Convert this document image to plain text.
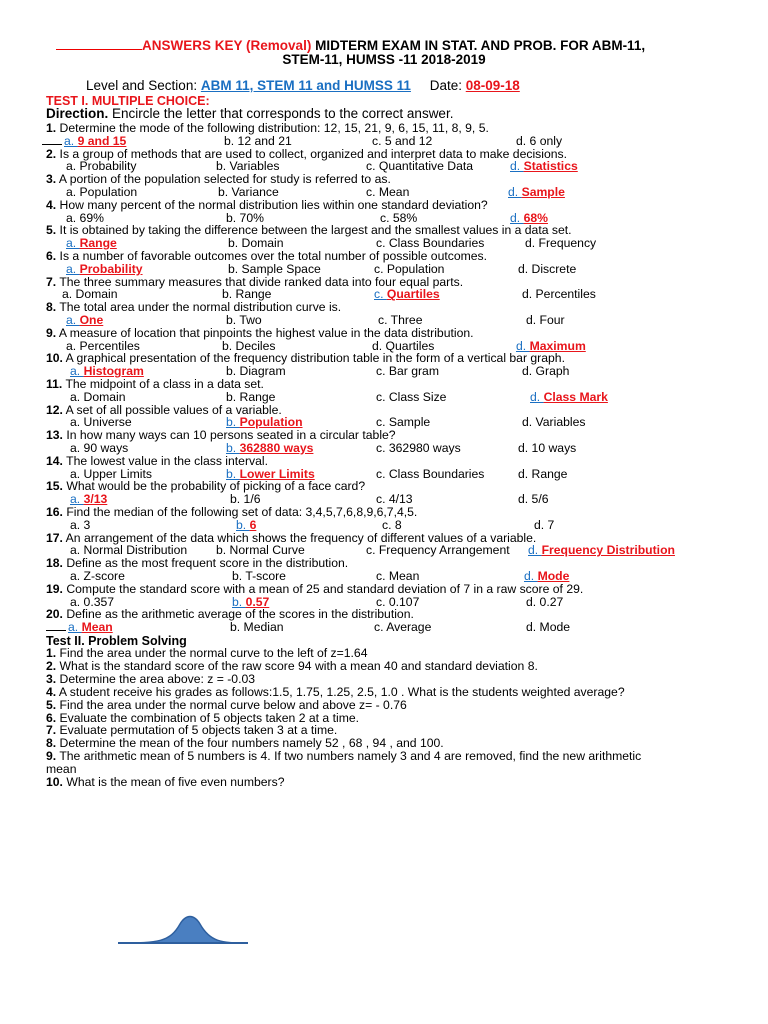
ANSWERS KEY (Removal) MIDTERM EXAM IN STAT. AND PROB. FOR ABM-11,
STEM-11, HUMSS -11 2018-2019
Level and Section: ABM 11, STEM 11 and HUMSS 11 Date: 08-09-18
TEST I. MULTIPLE CHOICE:
Direction. Encircle the letter that corresponds to the correct answer.
1. Determine the mode of the following distribution: 12, 15, 21, 9, 6, 15, 11, 8, 9, 5.
a. 9 and 15	b. 12 and 21	c. 5 and 12	d. 6 only
2. Is a group of methods that are used to collect, organized and interpret data to make decisions.
a. Probability	b. Variables	c. Quantitative Data	d. Statistics
3. A portion of the population selected for study is referred to as.
a. Population	b. Variance	c. Mean	d. Sample
4. How many percent of the normal distribution lies within one standard deviation?
a. 69%	b. 70%	c. 58%	d. 68%
5. It is obtained by taking the difference between the largest and the smallest values in a data set.
a. Range	b. Domain	c. Class Boundaries	d. Frequency
6. Is a number of favorable outcomes over the total number of possible outcomes.
a. Probability	b. Sample Space	c. Population	d. Discrete
7. The three summary measures that divide ranked data into four equal parts.
a. Domain	b. Range	c. Quartiles	d. Percentiles
8. The total area under the normal distribution curve is.
a. One	b. Two	c. Three	d. Four
9. A measure of location that pinpoints the highest value in the data distribution.
a. Percentiles	b. Deciles	d. Quartiles	d. Maximum
10. A graphical presentation of the frequency distribution table in the form of a vertical bar graph.
a. Histogram	b. Diagram	c. Bar gram	d. Graph
11. The midpoint of a class in a data set.
a. Domain	b. Range	c. Class Size	d. Class Mark
12. A set of all possible values of a variable.
a. Universe	b. Population	c. Sample	d. Variables
13. In how many ways can 10 persons seated in a circular table?
a. 90 ways	b. 362880 ways	c. 362980 ways	d. 10 ways
14. The lowest value in the class interval.
a. Upper Limits	b. Lower Limits	c. Class Boundaries	d. Range
15. What would be the probability of picking of a face card?
a. 3/13	b. 1/6	c. 4/13	d. 5/6
16. Find the median of the following set of data: 3,4,5,7,6,8,9,6,7,4,5.
a. 3	b. 6	c. 8	d. 7
17. An arrangement of the data which shows the frequency of different values of a variable.
a. Normal Distribution b. Normal Curve	c. Frequency Arrangement d. Frequency Distribution
18. Define as the most frequent score in the distribution.
a. Z-score	b. T-score	c. Mean	d. Mode
19. Compute the standard score with a mean of 25 and standard deviation of 7 in a raw score of 29.
a. 0.357	b. 0.57	c. 0.107	d. 0.27
20. Define as the arithmetic average of the scores in the distribution.
a. Mean	b. Median	c. Average	d. Mode
Test II. Problem Solving
1. Find the area under the normal curve to the left of z=1.64
2. What is the standard score of the raw score 94 with a mean 40 and standard deviation 8.
3. Determine the area above: z = -0.03
4. A student receive his grades as follows:1.5, 1.75, 1.25, 2.5, 1.0 . What is the students weighted average?
5. Find the area under the normal curve below and above z= - 0.76
6. Evaluate the combination of 5 objects taken 2 at a time.
7. Evaluate permutation of 5 objects taken 3 at a time.
8. Determine the mean of the four numbers namely 52 , 68 , 94 , and 100.
9. The arithmetic mean of 5 numbers is 4. If two numbers namely 3 and 4 are removed, find the new arithmetic
mean
10. What is the mean of five even numbers?
